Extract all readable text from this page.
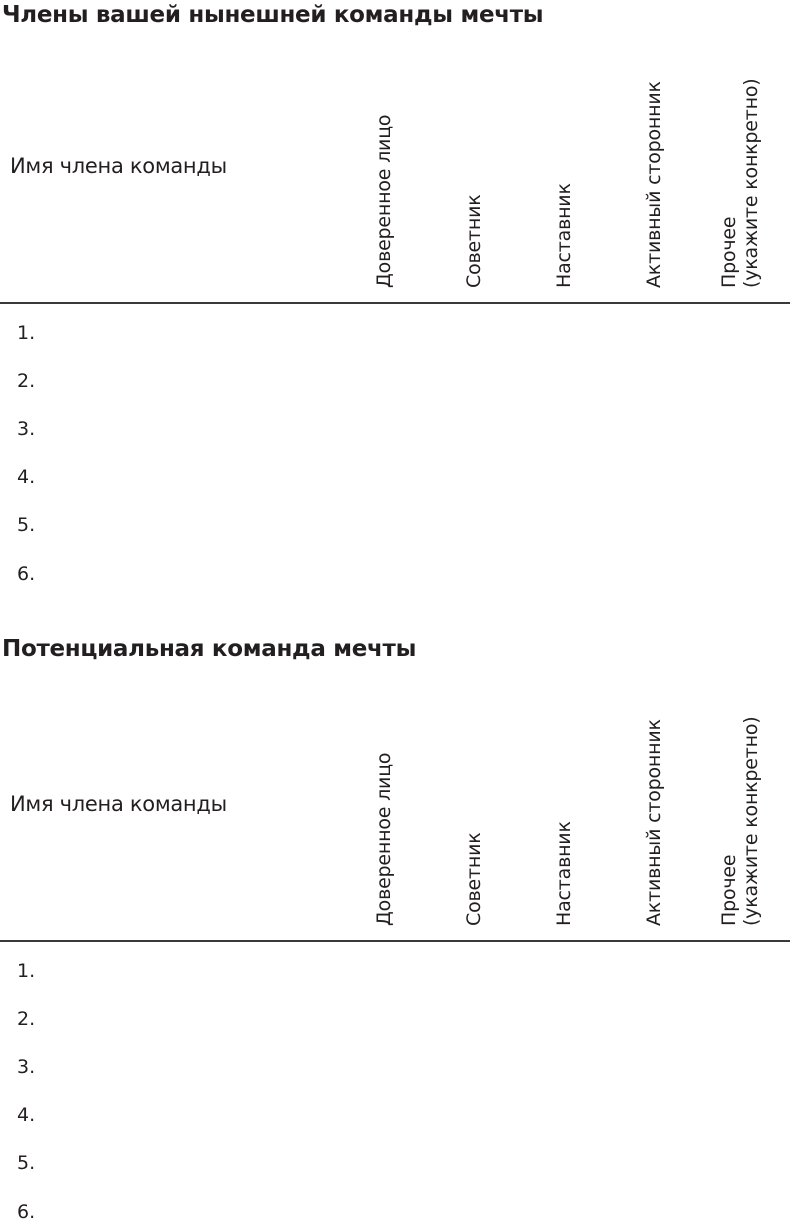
Члены вашей нынешней команды мечты
Имя члена команды	Доверенное лицо	Советник	Наставник	Активный сторонник	Прочее (укажите конкретно)
1.
2.
3.
4.
5.
6.
Потенциальная команда мечты
Имя члена команды	Доверенное лицо	Советник	Наставник	Активный сторонник	Прочее (укажите конкретно)
1.
2.
3.
4.
5.
6.
